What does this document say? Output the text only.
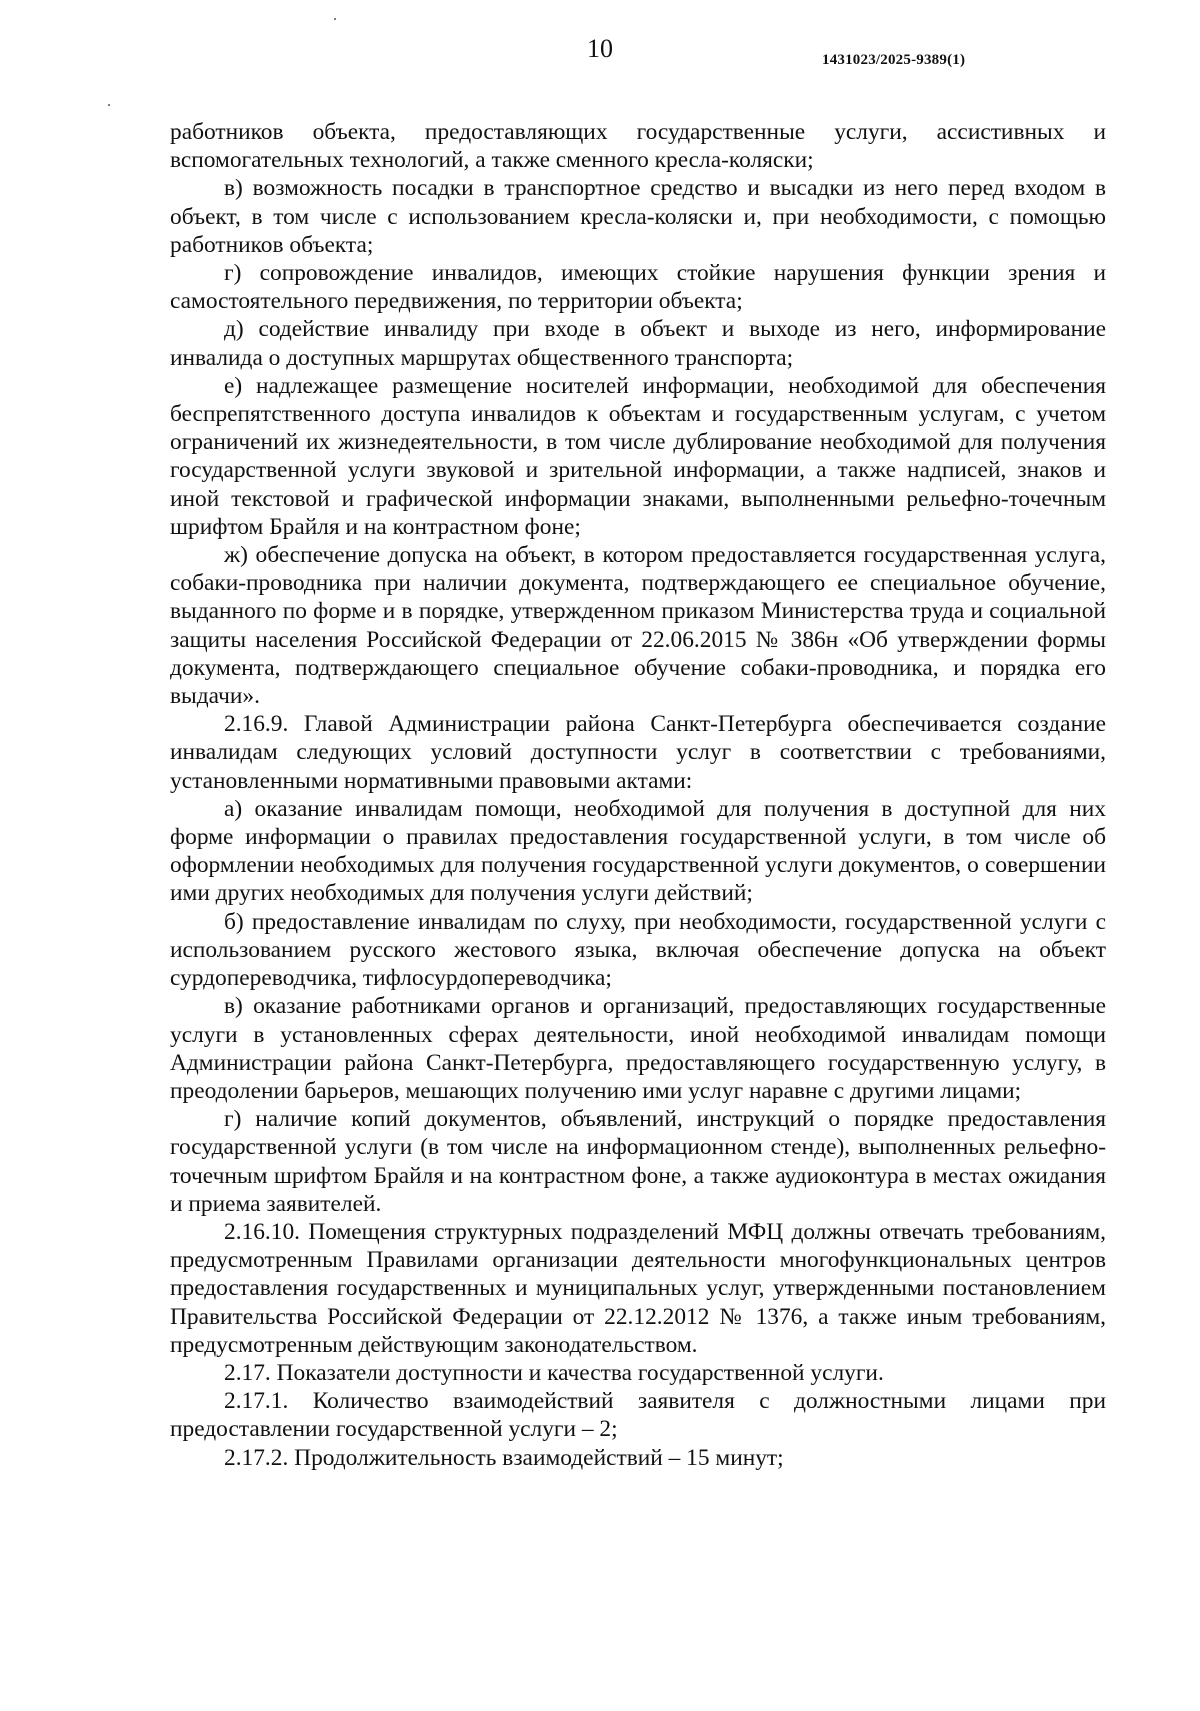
10	1431023/2025-9389(1)

работников объекта, предоставляющих государственные услуги, ассистивных и вспомогательных технологий, а также сменного кресла-коляски;

в) возможность посадки в транспортное средство и высадки из него перед входом в объект, в том числе с использованием кресла-коляски и, при необходимости, с помощью работников объекта;

г) сопровождение инвалидов, имеющих стойкие нарушения функции зрения и самостоятельного передвижения, по территории объекта;

д) содействие инвалиду при входе в объект и выходе из него, информирование инвалида о доступных маршрутах общественного транспорта;

е) надлежащее размещение носителей информации, необходимой для обеспечения беспрепятственного доступа инвалидов к объектам и государственным услугам, с учетом ограничений их жизнедеятельности, в том числе дублирование необходимой для получения государственной услуги звуковой и зрительной информации, а также надписей, знаков и иной текстовой и графической информации знаками, выполненными рельефно-точечным шрифтом Брайля и на контрастном фоне;

ж) обеспечение допуска на объект, в котором предоставляется государственная услуга, собаки-проводника при наличии документа, подтверждающего ее специальное обучение, выданного по форме и в порядке, утвержденном приказом Министерства труда и социальной защиты населения Российской Федерации от 22.06.2015 № 386н «Об утверждении формы документа, подтверждающего специальное обучение собаки-проводника, и порядка его выдачи».

2.16.9. Главой Администрации района Санкт-Петербурга обеспечивается создание инвалидам следующих условий доступности услуг в соответствии с требованиями, установленными нормативными правовыми актами:

а) оказание инвалидам помощи, необходимой для получения в доступной для них форме информации о правилах предоставления государственной услуги, в том числе об оформлении необходимых для получения государственной услуги документов, о совершении ими других необходимых для получения услуги действий;

б) предоставление инвалидам по слуху, при необходимости, государственной услуги с использованием русского жестового языка, включая обеспечение допуска на объект сурдопереводчика, тифлосурдопереводчика;

в) оказание работниками органов и организаций, предоставляющих государственные услуги в установленных сферах деятельности, иной необходимой инвалидам помощи Администрации района Санкт-Петербурга, предоставляющего государственную услугу, в преодолении барьеров, мешающих получению ими услуг наравне с другими лицами;

г) наличие копий документов, объявлений, инструкций о порядке предоставления государственной услуги (в том числе на информационном стенде), выполненных рельефно-точечным шрифтом Брайля и на контрастном фоне, а также аудиоконтура в местах ожидания и приема заявителей.

2.16.10. Помещения структурных подразделений МФЦ должны отвечать требованиям, предусмотренным Правилами организации деятельности многофункциональных центров предоставления государственных и муниципальных услуг, утвержденными постановлением Правительства Российской Федерации от 22.12.2012 № 1376, а также иным требованиям, предусмотренным действующим законодательством.

2.17. Показатели доступности и качества государственной услуги.

2.17.1. Количество взаимодействий заявителя с должностными лицами при предоставлении государственной услуги – 2;

2.17.2. Продолжительность взаимодействий – 15 минут;
